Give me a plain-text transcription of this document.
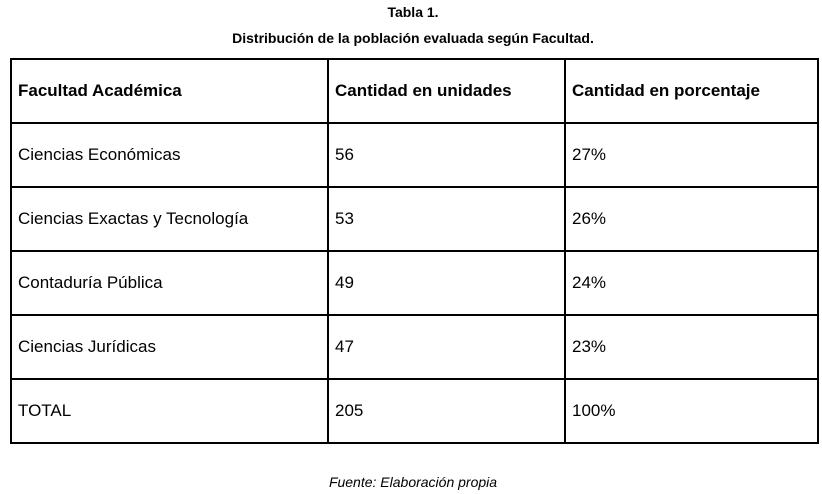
Tabla 1.
Distribución de la población evaluada según Facultad.
Facultad Académica	Cantidad en unidades	Cantidad en porcentaje
Ciencias Económicas	56	27%
Ciencias Exactas y Tecnología	53	26%
Contaduría Pública	49	24%
Ciencias Jurídicas	47	23%
TOTAL	205	100%
Fuente: Elaboración propia
